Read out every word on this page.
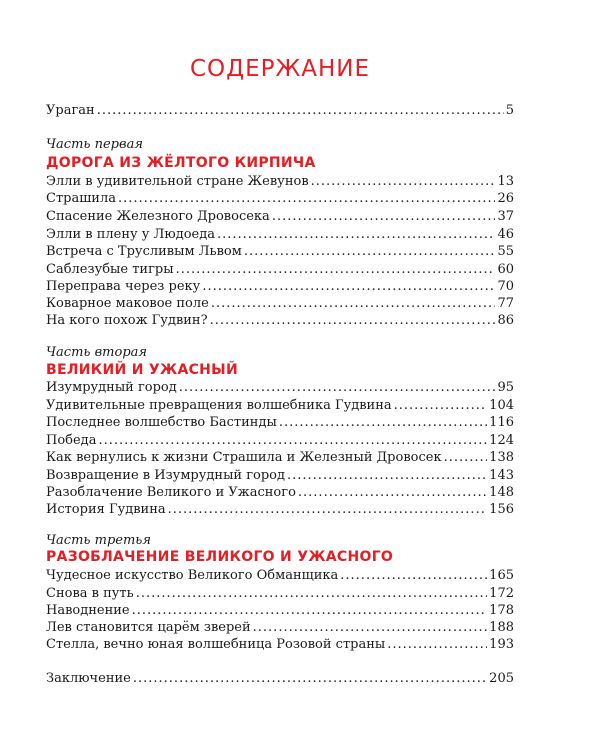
СОДЕРЖАНИЕ
Ураган .....	5
Часть первая
ДОРОГА ИЗ ЖЁЛТОГО КИРПИЧА
Элли в удивительной стране Жевунов .....	13
Страшила .....	26
Спасение Железного Дровосека .....	37
Элли в плену у Людоеда .....	46
Встреча с Трусливым Львом .....	55
Саблезубые тигры .....	60
Переправа через реку .....	70
Коварное маковое поле .....	77
На кого похож Гудвин? .....	86
Часть вторая
ВЕЛИКИЙ И УЖАСНЫЙ
Изумрудный город .....	95
Удивительные превращения волшебника Гудвина .....	104
Последнее волшебство Бастинды .....	116
Победа .....	124
Как вернулись к жизни Страшила и Железный Дровосек .....	138
Возвращение в Изумрудный город .....	143
Разоблачение Великого и Ужасного .....	148
История Гудвина .....	156
Часть третья
РАЗОБЛАЧЕНИЕ ВЕЛИКОГО И УЖАСНОГО
Чудесное искусство Великого Обманщика .....	165
Снова в путь .....	172
Наводнение .....	178
Лев становится царём зверей .....	188
Стелла, вечно юная волшебница Розовой страны .....	193
Заключение .....	205
